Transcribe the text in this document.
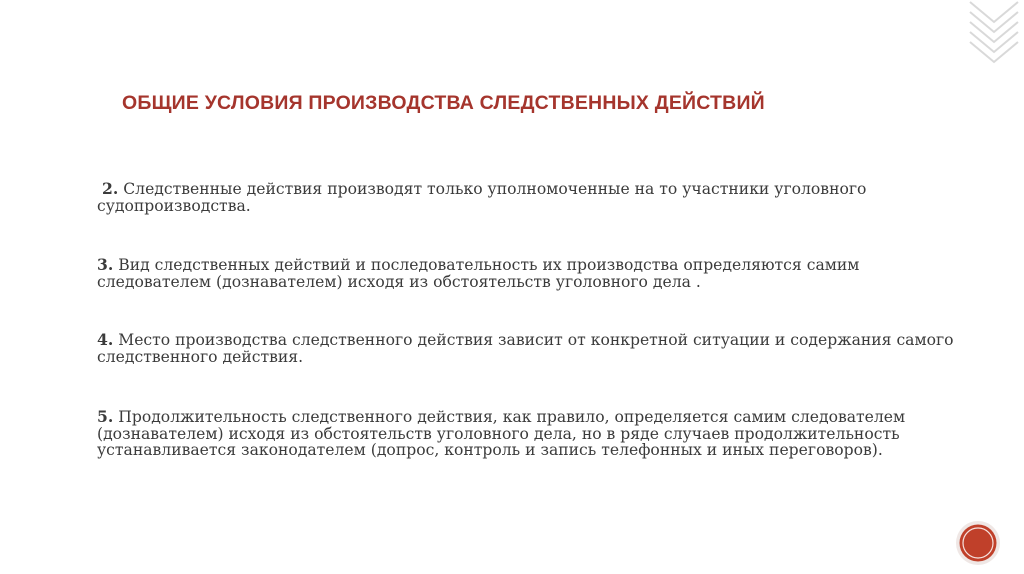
ОБЩИЕ УСЛОВИЯ ПРОИЗВОДСТВА СЛЕДСТВЕННЫХ ДЕЙСТВИЙ
2. Следственные действия производят только уполномоченные на то участники уголовного судопроизводства.
3. Вид следственных действий и последовательность их производства определяются самим следователем (дознавателем) исходя из обстоятельств уголовного дела .
4. Место производства следственного действия зависит от конкретной ситуации и содержания самого следственного действия.
5. Продолжительность следственного действия, как правило, определяется самим следователем (дознавателем) исходя из обстоятельств уголовного дела, но в ряде случаев продолжительность устанавливается законодателем (допрос, контроль и запись телефонных и иных переговоров).
